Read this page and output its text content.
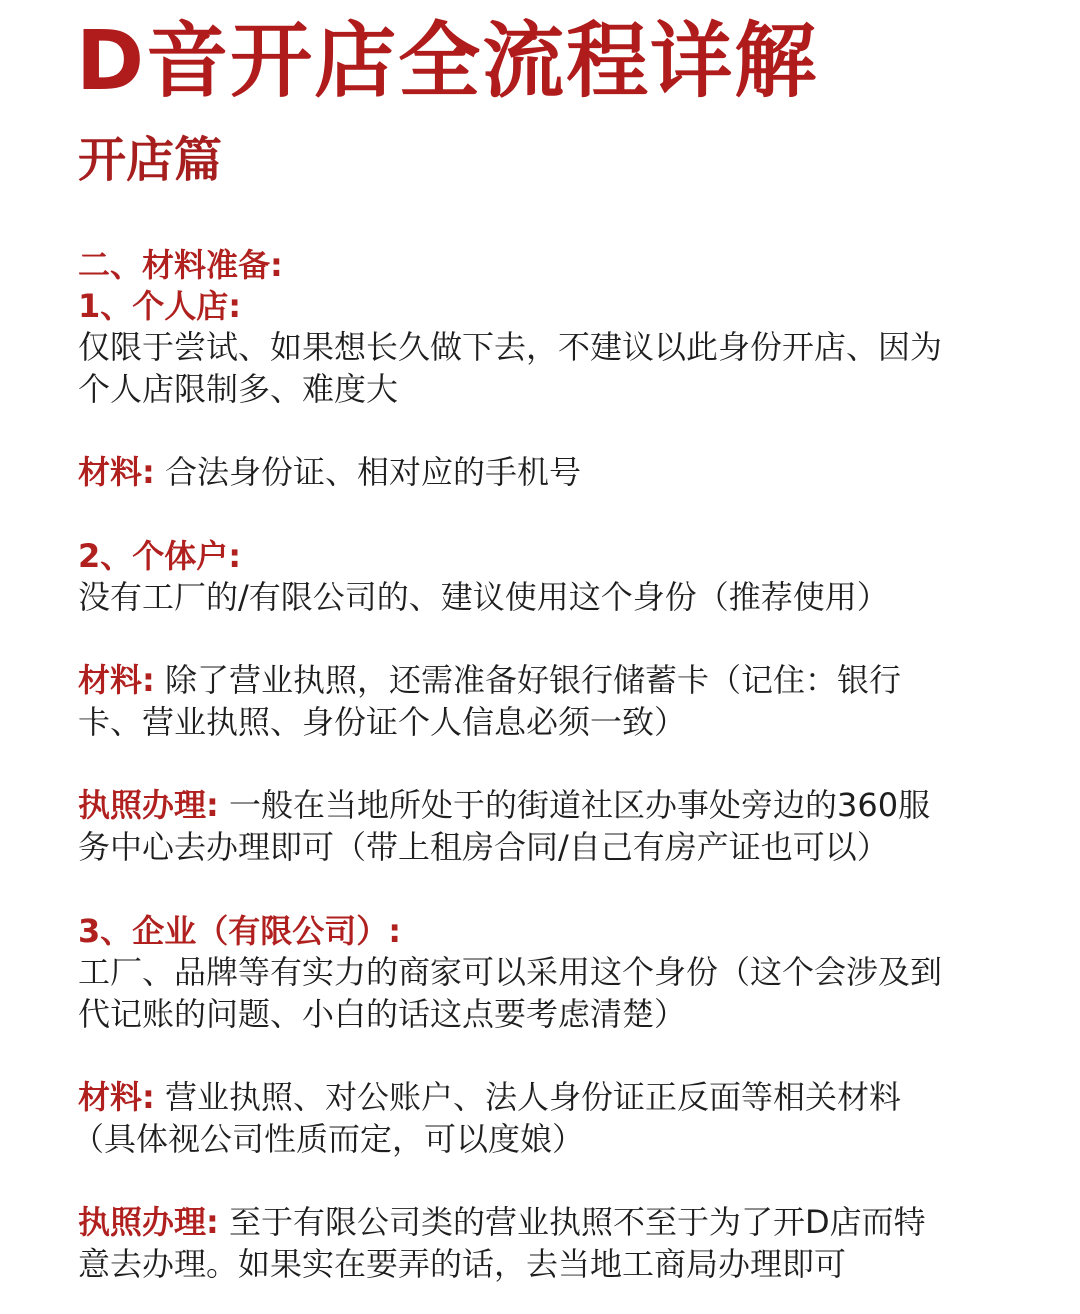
D音开店全流程详解
开店篇
二、材料准备:
1、个人店:
仅限于尝试、如果想长久做下去，不建议以此身份开店、因为
个人店限制多、难度大
材料: 合法身份证、相对应的手机号
2、个体户:
没有工厂的/有限公司的、建议使用这个身份（推荐使用）
材料: 除了营业执照，还需准备好银行储蓄卡（记住：银行
卡、营业执照、身份证个人信息必须一致）
执照办理: 一般在当地所处于的街道社区办事处旁边的360服
务中心去办理即可（带上租房合同/自己有房产证也可以）
3、企业（有限公司）:
工厂、品牌等有实力的商家可以采用这个身份（这个会涉及到
代记账的问题、小白的话这点要考虑清楚）
材料: 营业执照、对公账户、法人身份证正反面等相关材料
（具体视公司性质而定，可以度娘）
执照办理: 至于有限公司类的营业执照不至于为了开D店而特
意去办理。如果实在要弄的话，去当地工商局办理即可
